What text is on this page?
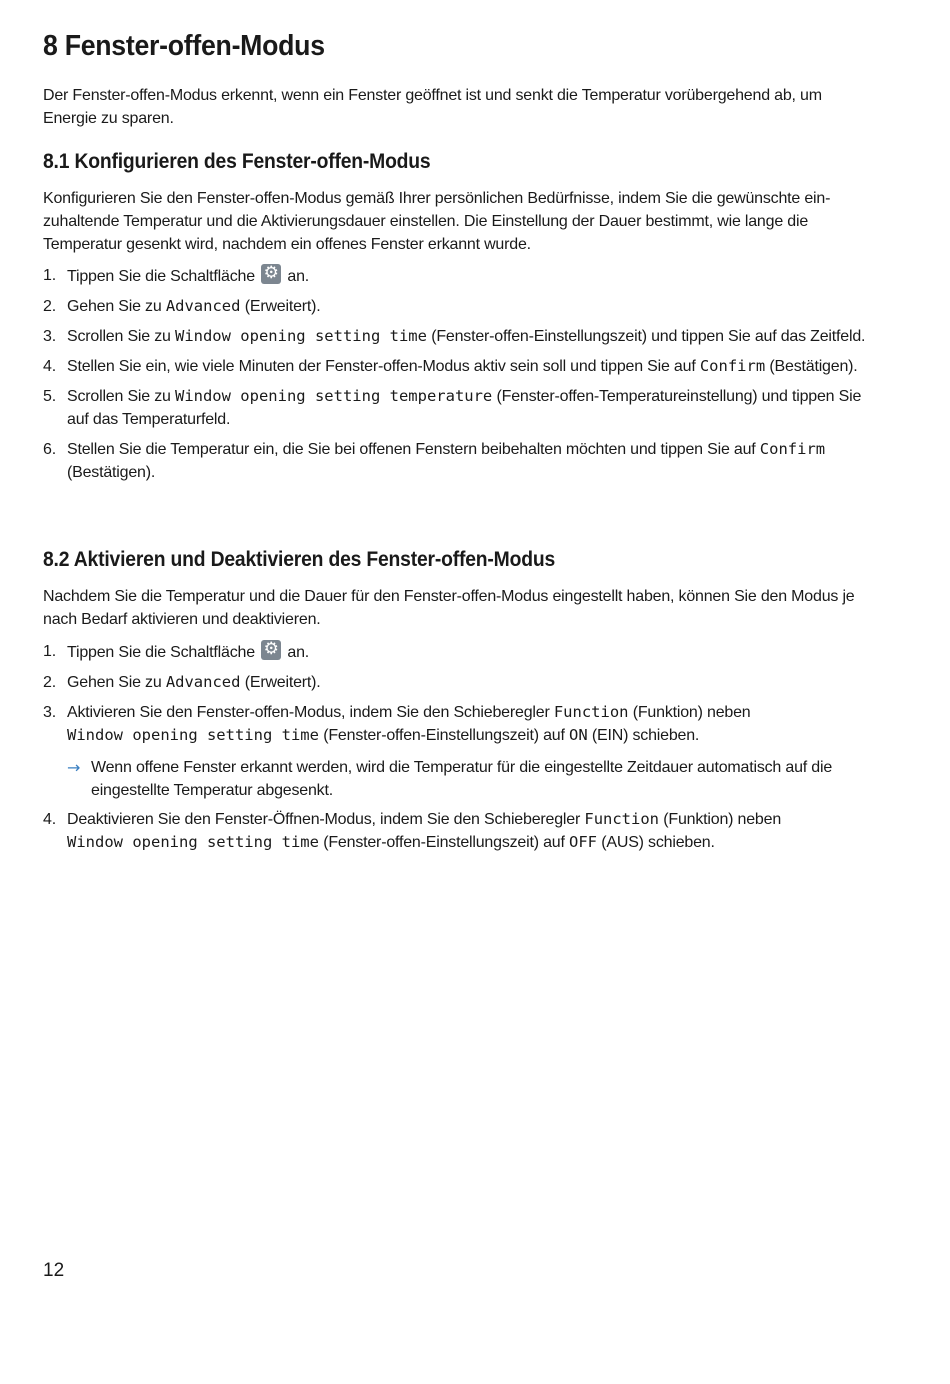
8 Fenster-offen-Modus

Der Fenster-offen-Modus erkennt, wenn ein Fenster geöffnet ist und senkt die Temperatur vorübergehend ab, um Energie zu sparen.

8.1 Konfigurieren des Fenster-offen-Modus

Konfigurieren Sie den Fenster-offen-Modus gemäß Ihrer persönlichen Bedürfnisse, indem Sie die gewünschte einzuhaltende Temperatur und die Aktivierungsdauer einstellen. Die Einstellung der Dauer bestimmt, wie lange die Temperatur gesenkt wird, nachdem ein offenes Fenster erkannt wurde.

1. Tippen Sie die Schaltfläche ⚙ an.
2. Gehen Sie zu Advanced (Erweitert).
3. Scrollen Sie zu Window opening setting time (Fenster-offen-Einstellungszeit) und tippen Sie auf das Zeitfeld.
4. Stellen Sie ein, wie viele Minuten der Fenster-offen-Modus aktiv sein soll und tippen Sie auf Confirm (Bestätigen).
5. Scrollen Sie zu Window opening setting temperature (Fenster-offen-Temperatureinstellung) und tippen Sie auf das Temperaturfeld.
6. Stellen Sie die Temperatur ein, die Sie bei offenen Fenstern beibehalten möchten und tippen Sie auf Confirm (Bestätigen).
8.2 Aktivieren und Deaktivieren des Fenster-offen-Modus

Nachdem Sie die Temperatur und die Dauer für den Fenster-offen-Modus eingestellt haben, können Sie den Modus je nach Bedarf aktivieren und deaktivieren.

1. Tippen Sie die Schaltfläche ⚙ an.
2. Gehen Sie zu Advanced (Erweitert).
3. Aktivieren Sie den Fenster-offen-Modus, indem Sie den Schieberegler Function (Funktion) neben
Window opening setting time (Fenster-offen-Einstellungszeit) auf ON (EIN) schieben.
→ Wenn offene Fenster erkannt werden, wird die Temperatur für die eingestellte Zeitdauer automatisch auf die eingestellte Temperatur abgesenkt.
4. Deaktivieren Sie den Fenster-Öffnen-Modus, indem Sie den Schieberegler Function (Funktion) neben
Window opening setting time (Fenster-offen-Einstellungszeit) auf OFF (AUS) schieben.

12
